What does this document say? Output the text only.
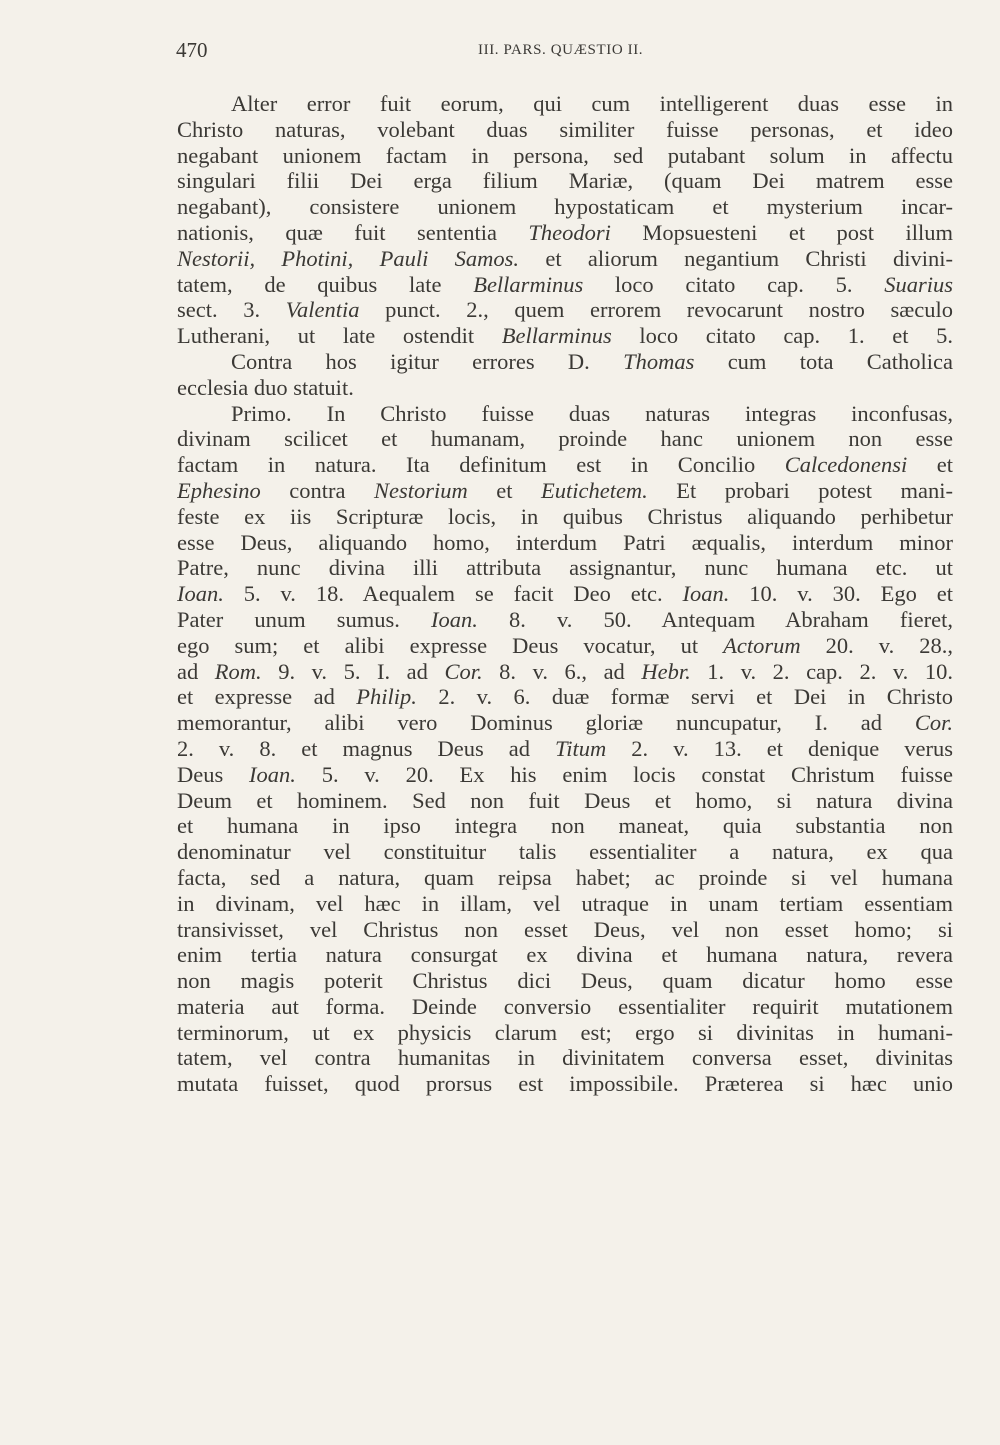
470	III. PARS. QUÆSTIO II.
Alter error fuit eorum, qui cum intelligerent duas esse in
Christo naturas, volebant duas similiter fuisse personas, et ideo
negabant unionem factam in persona, sed putabant solum in affectu
singulari filii Dei erga filium Mariæ, (quam Dei matrem esse
negabant), consistere unionem hypostaticam et mysterium incar-
nationis, quæ fuit sententia Theodori Mopsuesteni et post illum
Nestorii, Photini, Pauli Samos. et aliorum negantium Christi divini-
tatem, de quibus late Bellarminus loco citato cap. 5. Suarius
sect. 3. Valentia punct. 2., quem errorem revocarunt nostro sæculo
Lutherani, ut late ostendit Bellarminus loco citato cap. 1. et 5.
Contra hos igitur errores D. Thomas cum tota Catholica
ecclesia duo statuit.
Primo. In Christo fuisse duas naturas integras inconfusas,
divinam scilicet et humanam, proinde hanc unionem non esse
factam in natura. Ita definitum est in Concilio Calcedonensi et
Ephesino contra Nestorium et Eutichetem. Et probari potest mani-
feste ex iis Scripturæ locis, in quibus Christus aliquando perhibetur
esse Deus, aliquando homo, interdum Patri æqualis, interdum minor
Patre, nunc divina illi attributa assignantur, nunc humana etc. ut
Ioan. 5. v. 18. Aequalem se facit Deo etc. Ioan. 10. v. 30. Ego et
Pater unum sumus. Ioan. 8. v. 50. Antequam Abraham fieret,
ego sum; et alibi expresse Deus vocatur, ut Actorum 20. v. 28.,
ad Rom. 9. v. 5. I. ad Cor. 8. v. 6., ad Hebr. 1. v. 2. cap. 2. v. 10.
et expresse ad Philip. 2. v. 6. duæ formæ servi et Dei in Christo
memorantur, alibi vero Dominus gloriæ nuncupatur, I. ad Cor.
2. v. 8. et magnus Deus ad Titum 2. v. 13. et denique verus
Deus Ioan. 5. v. 20. Ex his enim locis constat Christum fuisse
Deum et hominem. Sed non fuit Deus et homo, si natura divina
et humana in ipso integra non maneat, quia substantia non
denominatur vel constituitur talis essentialiter a natura, ex qua
facta, sed a natura, quam reipsa habet; ac proinde si vel humana
in divinam, vel hæc in illam, vel utraque in unam tertiam essentiam
transivisset, vel Christus non esset Deus, vel non esset homo; si
enim tertia natura consurgat ex divina et humana natura, revera
non magis poterit Christus dici Deus, quam dicatur homo esse
materia aut forma. Deinde conversio essentialiter requirit mutationem
terminorum, ut ex physicis clarum est; ergo si divinitas in humani-
tatem, vel contra humanitas in divinitatem conversa esset, divinitas
mutata fuisset, quod prorsus est impossibile. Præterea si hæc unio
